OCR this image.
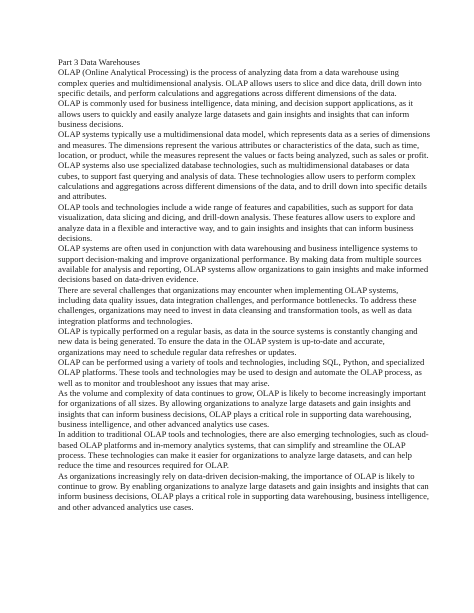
Part 3 Data Warehouses

OLAP (Online Analytical Processing) is the process of analyzing data from a data warehouse using complex queries and multidimensional analysis. OLAP allows users to slice and dice data, drill down into specific details, and perform calculations and aggregations across different dimensions of the data.

OLAP is commonly used for business intelligence, data mining, and decision support applications, as it allows users to quickly and easily analyze large datasets and gain insights and insights that can inform business decisions.

OLAP systems typically use a multidimensional data model, which represents data as a series of dimensions and measures. The dimensions represent the various attributes or characteristics of the data, such as time, location, or product, while the measures represent the values or facts being analyzed, such as sales or profit.

OLAP systems also use specialized database technologies, such as multidimensional databases or data cubes, to support fast querying and analysis of data. These technologies allow users to perform complex calculations and aggregations across different dimensions of the data, and to drill down into specific details and attributes.

OLAP tools and technologies include a wide range of features and capabilities, such as support for data visualization, data slicing and dicing, and drill-down analysis. These features allow users to explore and analyze data in a flexible and interactive way, and to gain insights and insights that can inform business decisions.

OLAP systems are often used in conjunction with data warehousing and business intelligence systems to support decision-making and improve organizational performance. By making data from multiple sources available for analysis and reporting, OLAP systems allow organizations to gain insights and make informed decisions based on data-driven evidence.

There are several challenges that organizations may encounter when implementing OLAP systems, including data quality issues, data integration challenges, and performance bottlenecks. To address these challenges, organizations may need to invest in data cleansing and transformation tools, as well as data integration platforms and technologies.

OLAP is typically performed on a regular basis, as data in the source systems is constantly changing and new data is being generated. To ensure the data in the OLAP system is up-to-date and accurate, organizations may need to schedule regular data refreshes or updates.

OLAP can be performed using a variety of tools and technologies, including SQL, Python, and specialized OLAP platforms. These tools and technologies may be used to design and automate the OLAP process, as well as to monitor and troubleshoot any issues that may arise.

As the volume and complexity of data continues to grow, OLAP is likely to become increasingly important for organizations of all sizes. By allowing organizations to analyze large datasets and gain insights and insights that can inform business decisions, OLAP plays a critical role in supporting data warehousing, business intelligence, and other advanced analytics use cases.

In addition to traditional OLAP tools and technologies, there are also emerging technologies, such as cloud-based OLAP platforms and in-memory analytics systems, that can simplify and streamline the OLAP process. These technologies can make it easier for organizations to analyze large datasets, and can help reduce the time and resources required for OLAP.

As organizations increasingly rely on data-driven decision-making, the importance of OLAP is likely to continue to grow. By enabling organizations to analyze large datasets and gain insights and insights that can inform business decisions, OLAP plays a critical role in supporting data warehousing, business intelligence, and other advanced analytics use cases.
